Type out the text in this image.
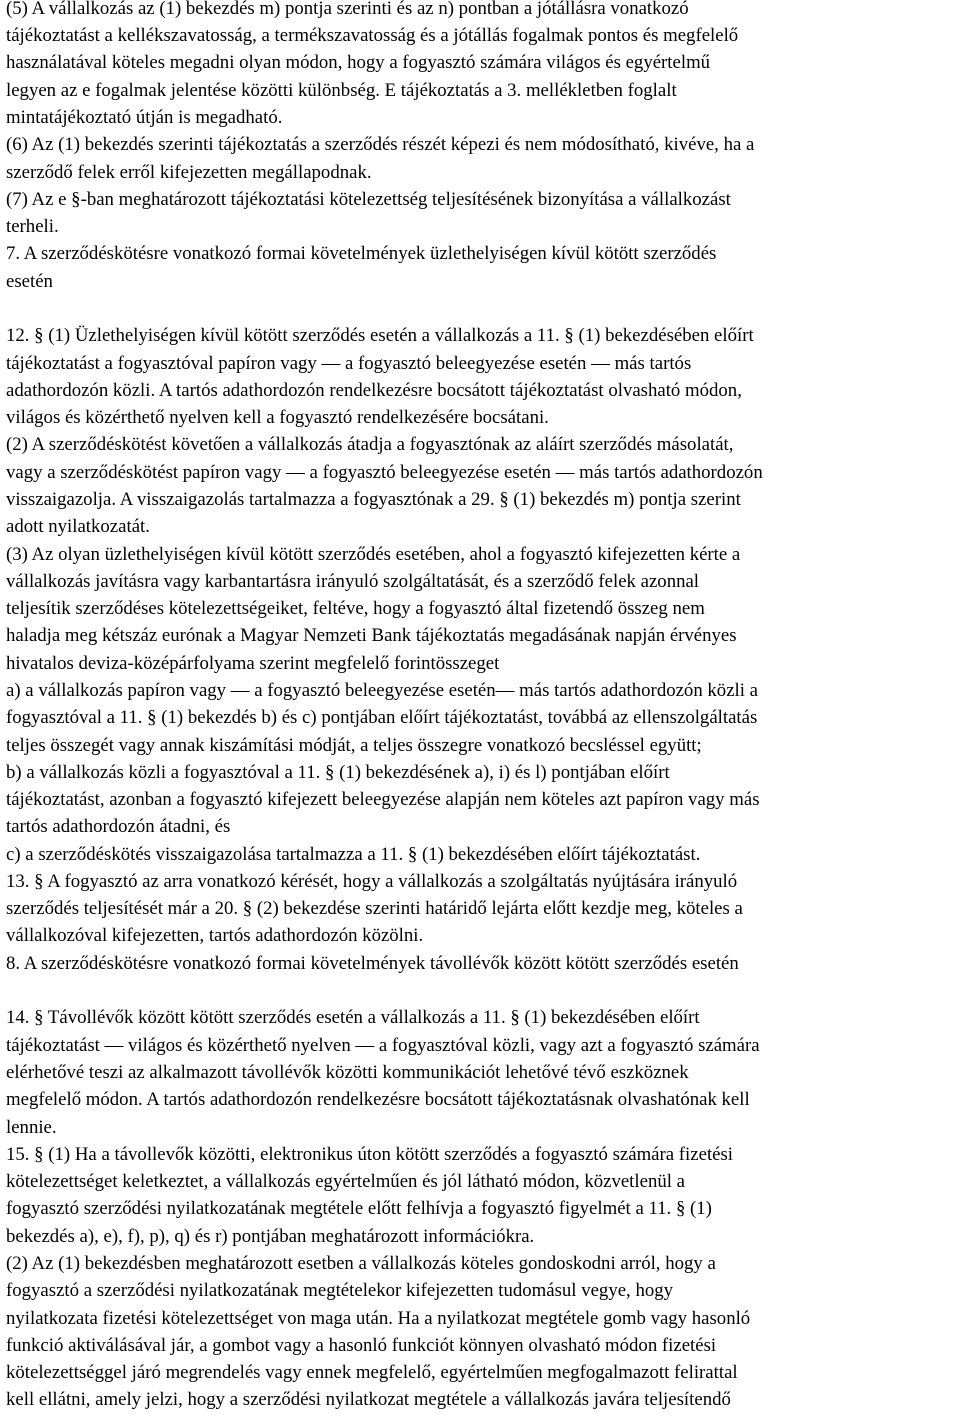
(5) A vállalkozás az (1) bekezdés m) pontja szerinti és az n) pontban a jótállásra vonatkozó

tájékoztatást a kellékszavatosság, a termékszavatosság és a jótállás fogalmak pontos és megfelelő

használatával köteles megadni olyan módon, hogy a fogyasztó számára világos és egyértelmű

legyen az e fogalmak jelentése közötti különbség. E tájékoztatás a 3. mellékletben foglalt

mintatájékoztató útján is megadható.

(6) Az (1) bekezdés szerinti tájékoztatás a szerződés részét képezi és nem módosítható, kivéve, ha a

szerződő felek erről kifejezetten megállapodnak.

(7) Az e §-ban meghatározott tájékoztatási kötelezettség teljesítésének bizonyítása a vállalkozást

terheli.

7. A szerződéskötésre vonatkozó formai követelmények üzlethelyiségen kívül kötött szerződés

esetén

12. § (1) Üzlethelyiségen kívül kötött szerződés esetén a vállalkozás a 11. § (1) bekezdésében előírt

tájékoztatást a fogyasztóval papíron vagy — a fogyasztó beleegyezése esetén — más tartós

adathordozón közli. A tartós adathordozón rendelkezésre bocsátott tájékoztatást olvasható módon,

világos és közérthető nyelven kell a fogyasztó rendelkezésére bocsátani.

(2) A szerződéskötést követően a vállalkozás átadja a fogyasztónak az aláírt szerződés másolatát,

vagy a szerződéskötést papíron vagy — a fogyasztó beleegyezése esetén — más tartós adathordozón

visszaigazolja. A visszaigazolás tartalmazza a fogyasztónak a 29. § (1) bekezdés m) pontja szerint

adott nyilatkozatát.

(3) Az olyan üzlethelyiségen kívül kötött szerződés esetében, ahol a fogyasztó kifejezetten kérte a

vállalkozás javításra vagy karbantartásra irányuló szolgáltatását, és a szerződő felek azonnal

teljesítik szerződéses kötelezettségeiket, feltéve, hogy a fogyasztó által fizetendő összeg nem

haladja meg kétszáz eurónak a Magyar Nemzeti Bank tájékoztatás megadásának napján érvényes

hivatalos deviza-középárfolyama szerint megfelelő forintösszeget

a) a vállalkozás papíron vagy — a fogyasztó beleegyezése esetén— más tartós adathordozón közli a

fogyasztóval a 11. § (1) bekezdés b) és c) pontjában előírt tájékoztatást, továbbá az ellenszolgáltatás

teljes összegét vagy annak kiszámítási módját, a teljes összegre vonatkozó becsléssel együtt;

b) a vállalkozás közli a fogyasztóval a 11. § (1) bekezdésének a), i) és l) pontjában előírt

tájékoztatást, azonban a fogyasztó kifejezett beleegyezése alapján nem köteles azt papíron vagy más

tartós adathordozón átadni, és

c) a szerződéskötés visszaigazolása tartalmazza a 11. § (1) bekezdésében előírt tájékoztatást.

13. § A fogyasztó az arra vonatkozó kérését, hogy a vállalkozás a szolgáltatás nyújtására irányuló

szerződés teljesítését már a 20. § (2) bekezdése szerinti határidő lejárta előtt kezdje meg, köteles a

vállalkozóval kifejezetten, tartós adathordozón közölni.

8. A szerződéskötésre vonatkozó formai követelmények távollévők között kötött szerződés esetén

14. § Távollévők között kötött szerződés esetén a vállalkozás a 11. § (1) bekezdésében előírt

tájékoztatást — világos és közérthető nyelven — a fogyasztóval közli, vagy azt a fogyasztó számára

elérhetővé teszi az alkalmazott távollévők közötti kommunikációt lehetővé tévő eszköznek

megfelelő módon. A tartós adathordozón rendelkezésre bocsátott tájékoztatásnak olvashatónak kell

lennie.

15. § (1) Ha a távollevők közötti, elektronikus úton kötött szerződés a fogyasztó számára fizetési

kötelezettséget keletkeztet, a vállalkozás egyértelműen és jól látható módon, közvetlenül a

fogyasztó szerződési nyilatkozatának megtétele előtt felhívja a fogyasztó figyelmét a 11. § (1)

bekezdés a), e), f), p), q) és r) pontjában meghatározott információkra.

(2) Az (1) bekezdésben meghatározott esetben a vállalkozás köteles gondoskodni arról, hogy a

fogyasztó a szerződési nyilatkozatának megtételekor kifejezetten tudomásul vegye, hogy

nyilatkozata fizetési kötelezettséget von maga után. Ha a nyilatkozat megtétele gomb vagy hasonló

funkció aktiválásával jár, a gombot vagy a hasonló funkciót könnyen olvasható módon fizetési

kötelezettséggel járó megrendelés vagy ennek megfelelő, egyértelműen megfogalmazott felirattal

kell ellátni, amely jelzi, hogy a szerződési nyilatkozat megtétele a vállalkozás javára teljesítendő
